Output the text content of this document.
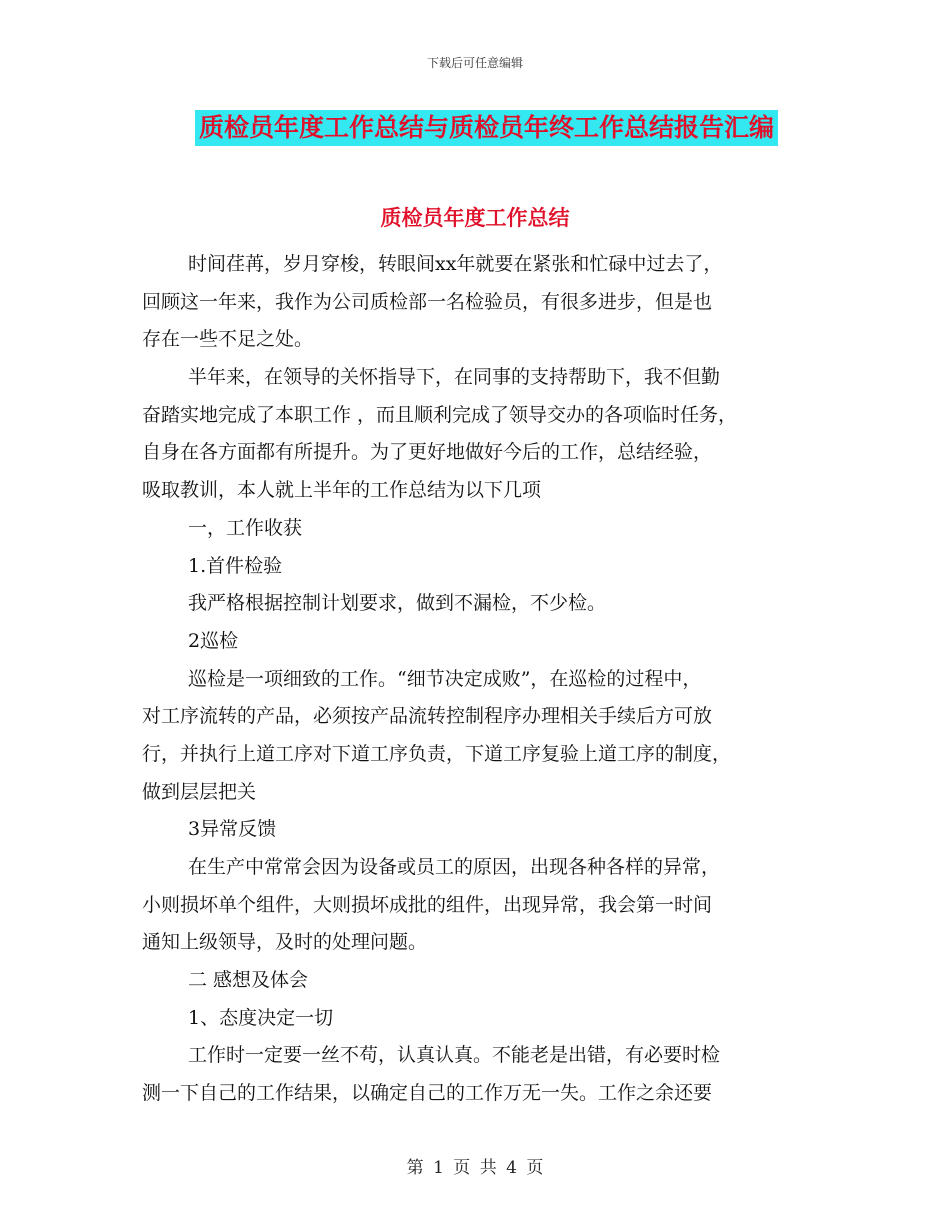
下载后可任意编辑
质检员年度工作总结与质检员年终工作总结报告汇编
质检员年度工作总结
时间荏苒，岁月穿梭，转眼间xx年就要在紧张和忙碌中过去了，
回顾这一年来，我作为公司质检部一名检验员，有很多进步，但是也
存在一些不足之处。
半年来，在领导的关怀指导下，在同事的支持帮助下，我不但勤
奋踏实地完成了本职工作 ，而且顺利完成了领导交办的各项临时任务，
自身在各方面都有所提升。为了更好地做好今后的工作，总结经验，
吸取教训，本人就上半年的工作总结为以下几项
一，工作收获
1.首件检验
我严格根据控制计划要求，做到不漏检，不少检。
2巡检
巡检是一项细致的工作。“细节决定成败”，在巡检的过程中，
对工序流转的产品，必须按产品流转控制程序办理相关手续后方可放
行，并执行上道工序对下道工序负责，下道工序复验上道工序的制度，
做到层层把关
3异常反馈
在生产中常常会因为设备或员工的原因，出现各种各样的异常，
小则损坏单个组件，大则损坏成批的组件，出现异常，我会第一时间
通知上级领导，及时的处理问题。
二 感想及体会
1、态度决定一切
工作时一定要一丝不苟，认真认真。不能老是出错，有必要时检
测一下自己的工作结果，以确定自己的工作万无一失。工作之余还要
第 1 页 共 4 页
